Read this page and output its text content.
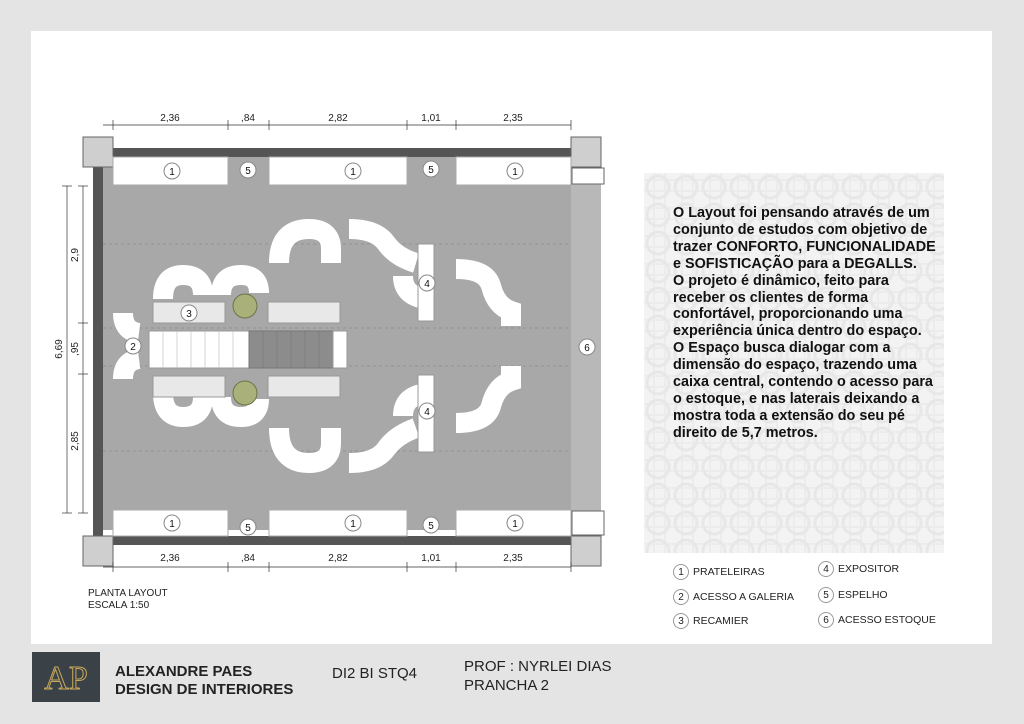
1	1	1
5	5
1	1	1
5	5
3
2
4
4
6
2,36	,84	2,82	1,01	2,35
2,36	,84	2,82	1,01	2,35
6,69
2,9
,95
2,85
PLANTA LAYOUT
ESCALA 1:50
O Layout foi pensando através de um conjunto de estudos com objetivo de trazer CONFORTO, FUNCIONALIDADE e SOFISTICAÇÃO para a DEGALLS.
O projeto é dinâmico, feito para receber os clientes de forma confortável, proporcionando uma experiência única dentro do espaço.
O Espaço busca dialogar com a dimensão do espaço, trazendo uma caixa central, contendo o acesso para o estoque, e nas laterais deixando a mostra toda a extensão do seu pé direito de 5,7 metros.
1 PRATELEIRAS
2 ACESSO A GALERIA
3 RECAMIER
4 EXPOSITOR
5 ESPELHO
6 ACESSO ESTOQUE
AP ALEXANDRE PAES
DESIGN DE INTERIORES
DI2 BI STQ4	PROF : NYRLEI DIAS
PRANCHA 2
